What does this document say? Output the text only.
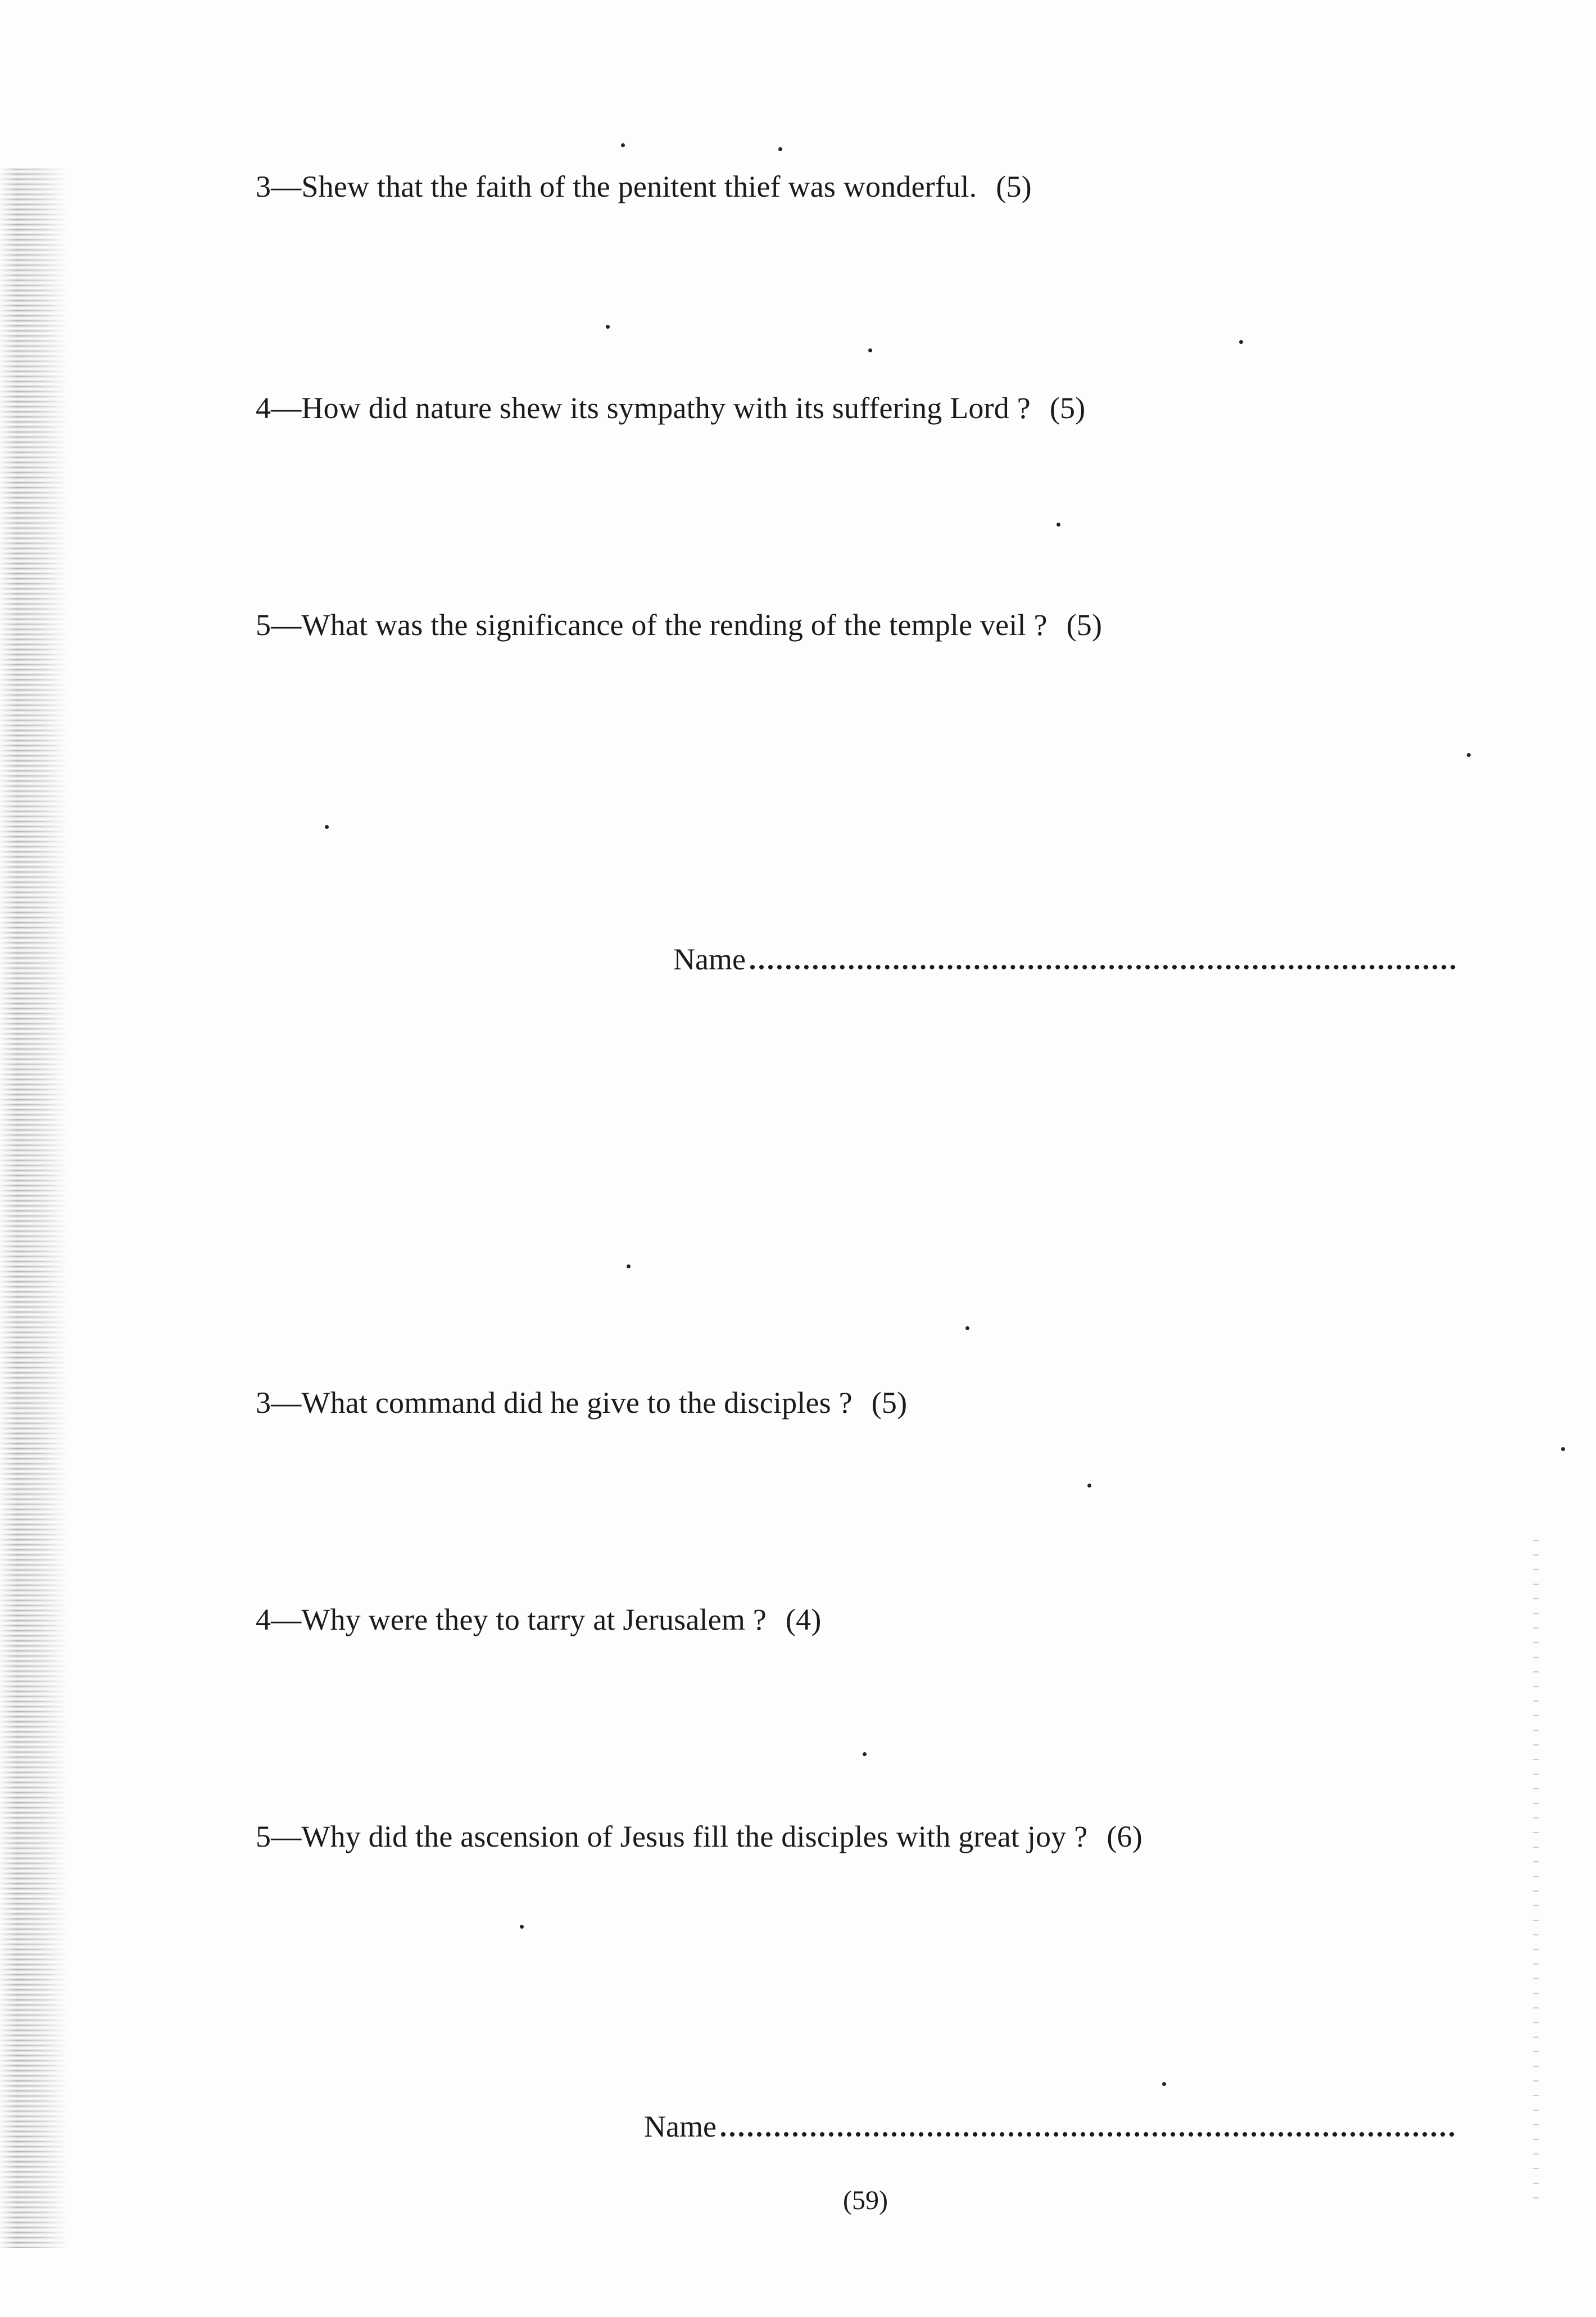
3—Shew that the faith of the penitent thief was wonderful. (5)
4—How did nature shew its sympathy with its suffering Lord ? (5)
5—What was the significance of the rending of the temple veil ? (5)
Name
3—What command did he give to the disciples ? (5)
4—Why were they to tarry at Jerusalem ? (4)
5—Why did the ascension of Jesus fill the disciples with great joy ? (6)
Name
(59)
